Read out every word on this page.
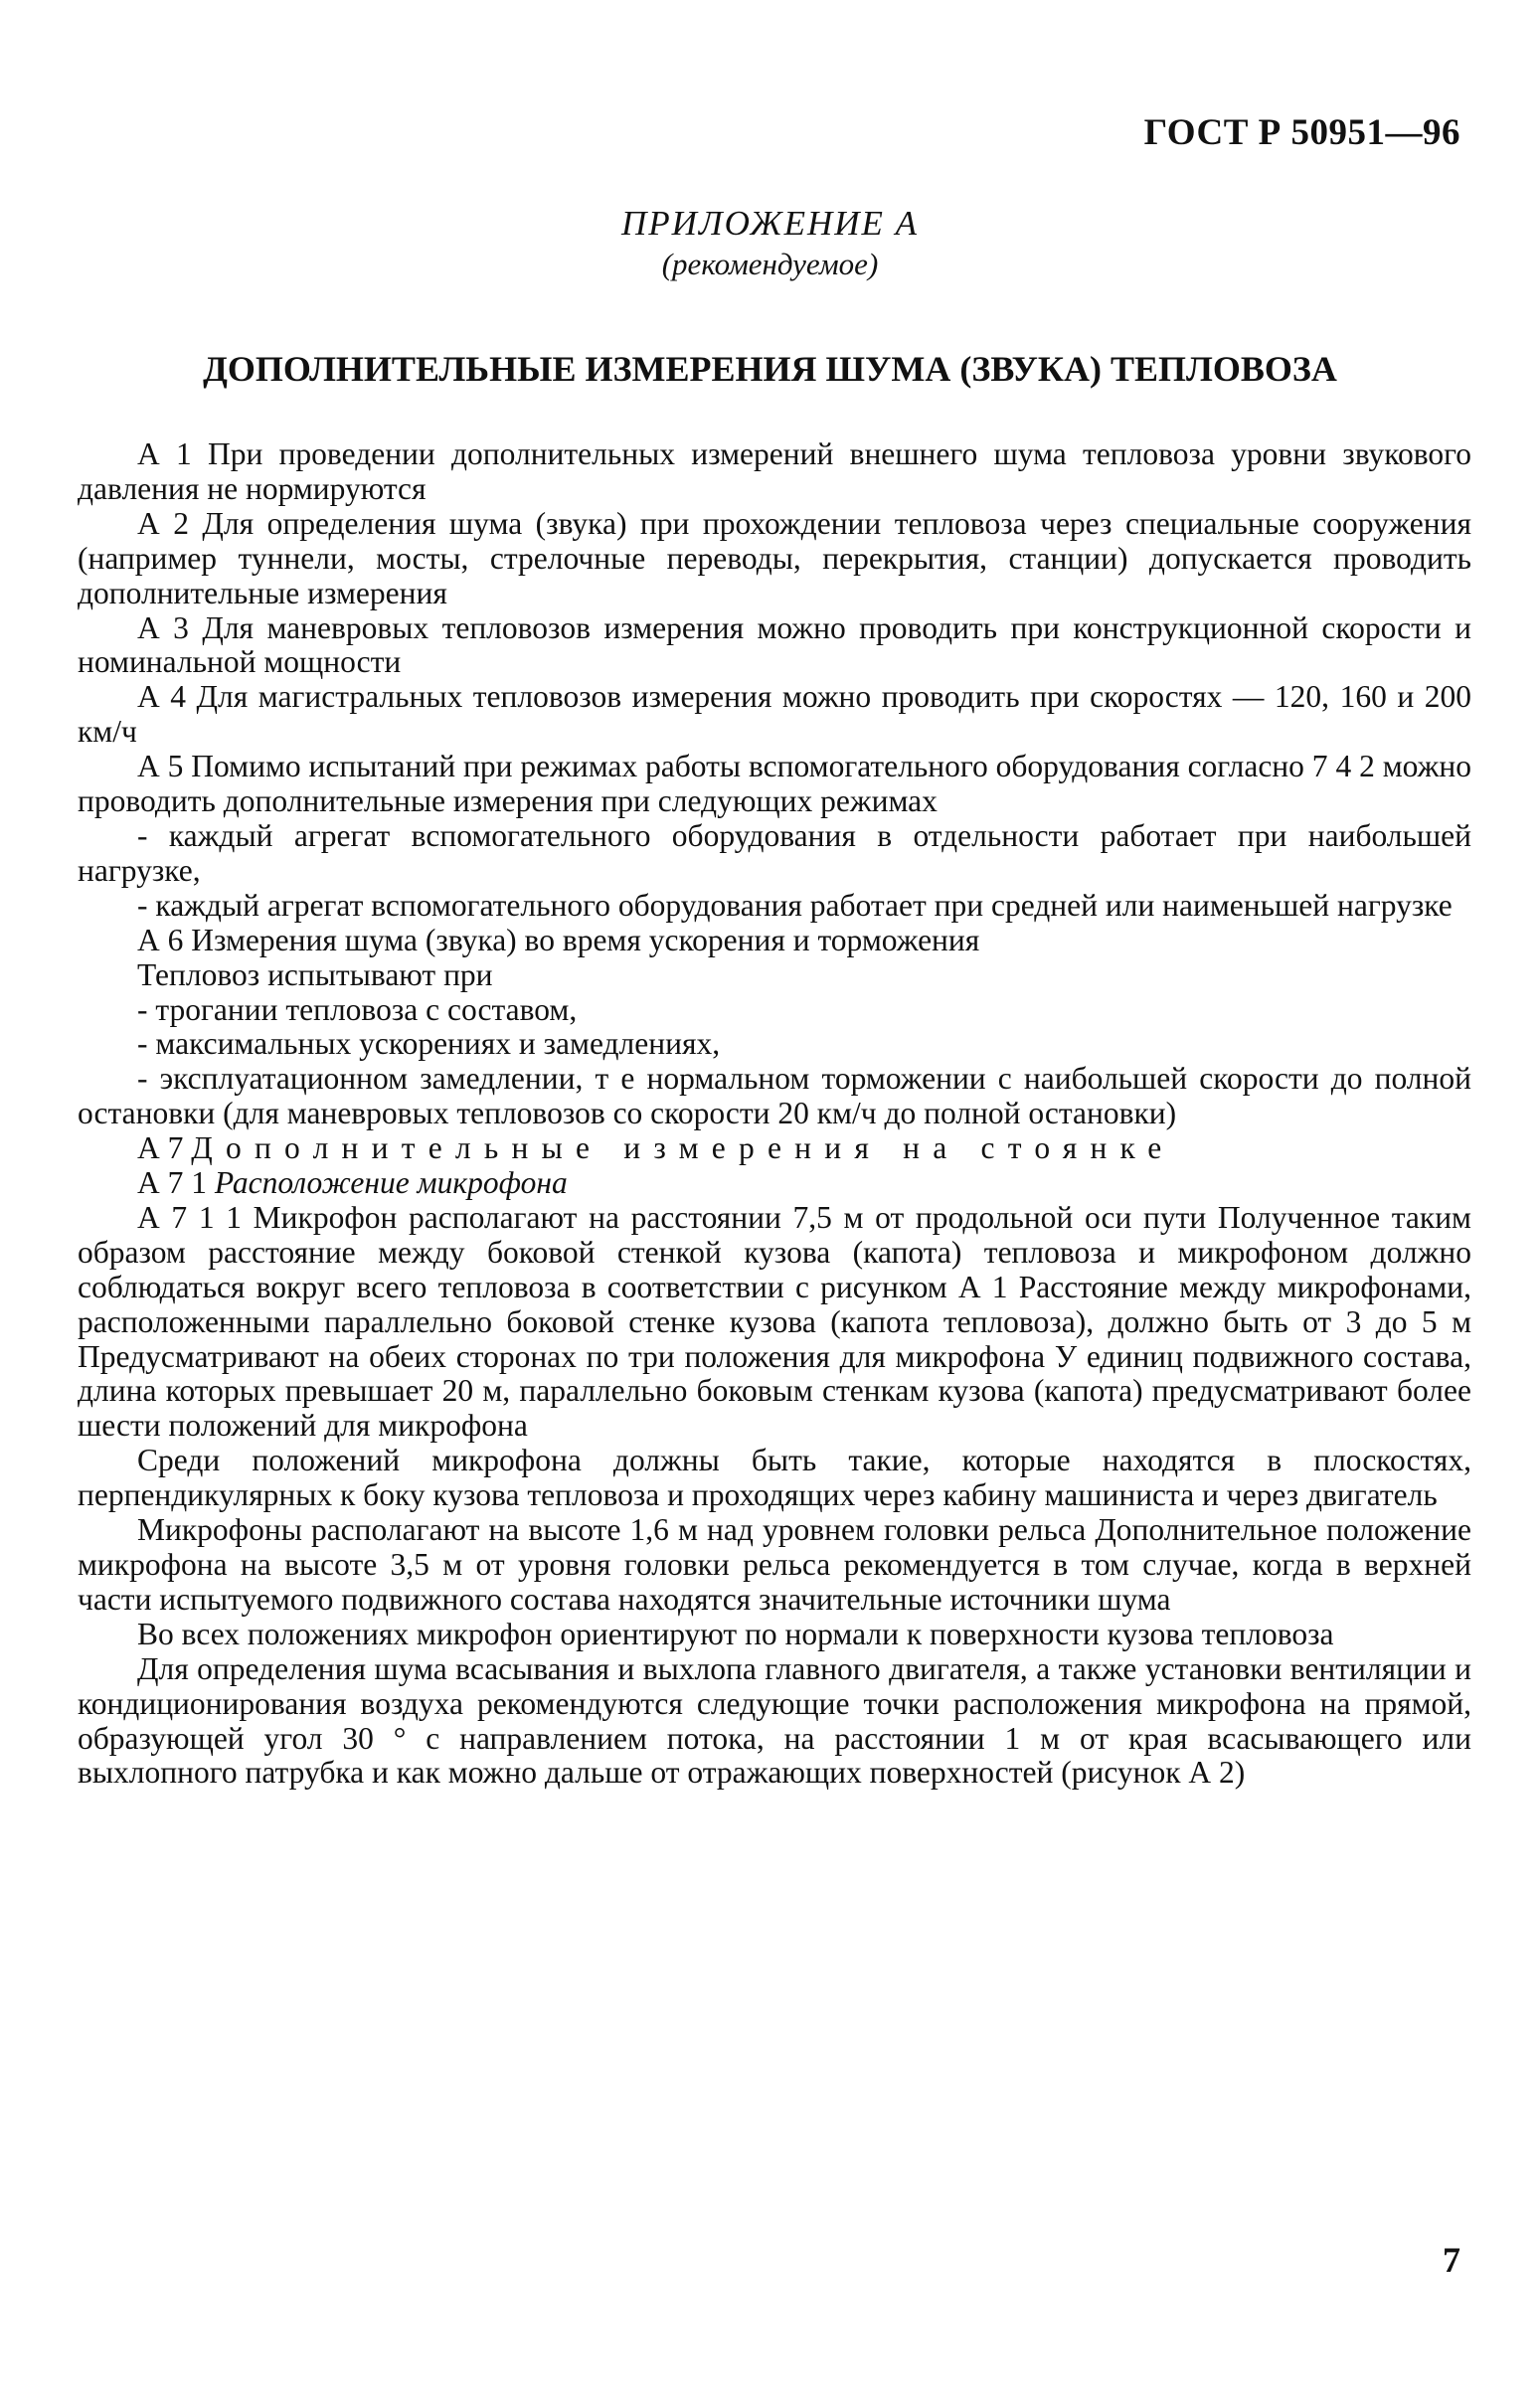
ГОСТ Р 50951—96
ПРИЛОЖЕНИЕ А
(рекомендуемое)
ДОПОЛНИТЕЛЬНЫЕ ИЗМЕРЕНИЯ ШУМА (ЗВУКА) ТЕПЛОВОЗА

А 1 При проведении дополнительных измерений внешнего шума тепловоза уровни звукового давления не нормируются

А 2 Для определения шума (звука) при прохождении тепловоза через специальные сооружения (например туннели, мосты, стрелочные переводы, перекрытия, станции) допускается проводить дополнительные измерения

А 3 Для маневровых тепловозов измерения можно проводить при конструкционной скорости и номинальной мощности

А 4 Для магистральных тепловозов измерения можно проводить при скоростях — 120, 160 и 200 км/ч

А 5 Помимо испытаний при режимах работы вспомогательного оборудования согласно 7 4 2 можно проводить дополнительные измерения при следующих режимах

- каждый агрегат вспомогательного оборудования в отдельности работает при наибольшей нагрузке,

- каждый агрегат вспомогательного оборудования работает при средней или наименьшей нагрузке

А 6 Измерения шума (звука) во время ускорения и торможения

Тепловоз испытывают при

- трогании тепловоза с составом,

- максимальных ускорениях и замедлениях,

- эксплуатационном замедлении, т е нормальном торможении с наибольшей скорости до полной остановки (для маневровых тепловозов со скорости 20 км/ч до полной остановки)

А 7 Дополнительные измерения на стоянке

А 7 1 Расположение микрофона

А 7 1 1 Микрофон располагают на расстоянии 7,5 м от продольной оси пути Полученное таким образом расстояние между боковой стенкой кузова (капота) тепловоза и микрофоном должно соблюдаться вокруг всего тепловоза в соответствии с рисунком А 1 Расстояние между микрофонами, расположенными параллельно боковой стенке кузова (капота тепловоза), должно быть от 3 до 5 м Предусматривают на обеих сторонах по три положения для микрофона У единиц подвижного состава, длина которых превышает 20 м, параллельно боковым стенкам кузова (капота) предусматривают более шести положений для микрофона

Среди положений микрофона должны быть такие, которые находятся в плоскостях, перпендикулярных к боку кузова тепловоза и проходящих через кабину машиниста и через двигатель

Микрофоны располагают на высоте 1,6 м над уровнем головки рельса Дополнительное положение микрофона на высоте 3,5 м от уровня головки рельса рекомендуется в том случае, когда в верхней части испытуемого подвижного состава находятся значительные источники шума

Во всех положениях микрофон ориентируют по нормали к поверхности кузова тепловоза

Для определения шума всасывания и выхлопа главного двигателя, а также установки вентиляции и кондиционирования воздуха рекомендуются следующие точки расположения микрофона на прямой, образующей угол 30 ° с направлением потока, на расстоянии 1 м от края всасывающего или выхлопного патрубка и как можно дальше от отражающих поверхностей (рисунок А 2)

7
